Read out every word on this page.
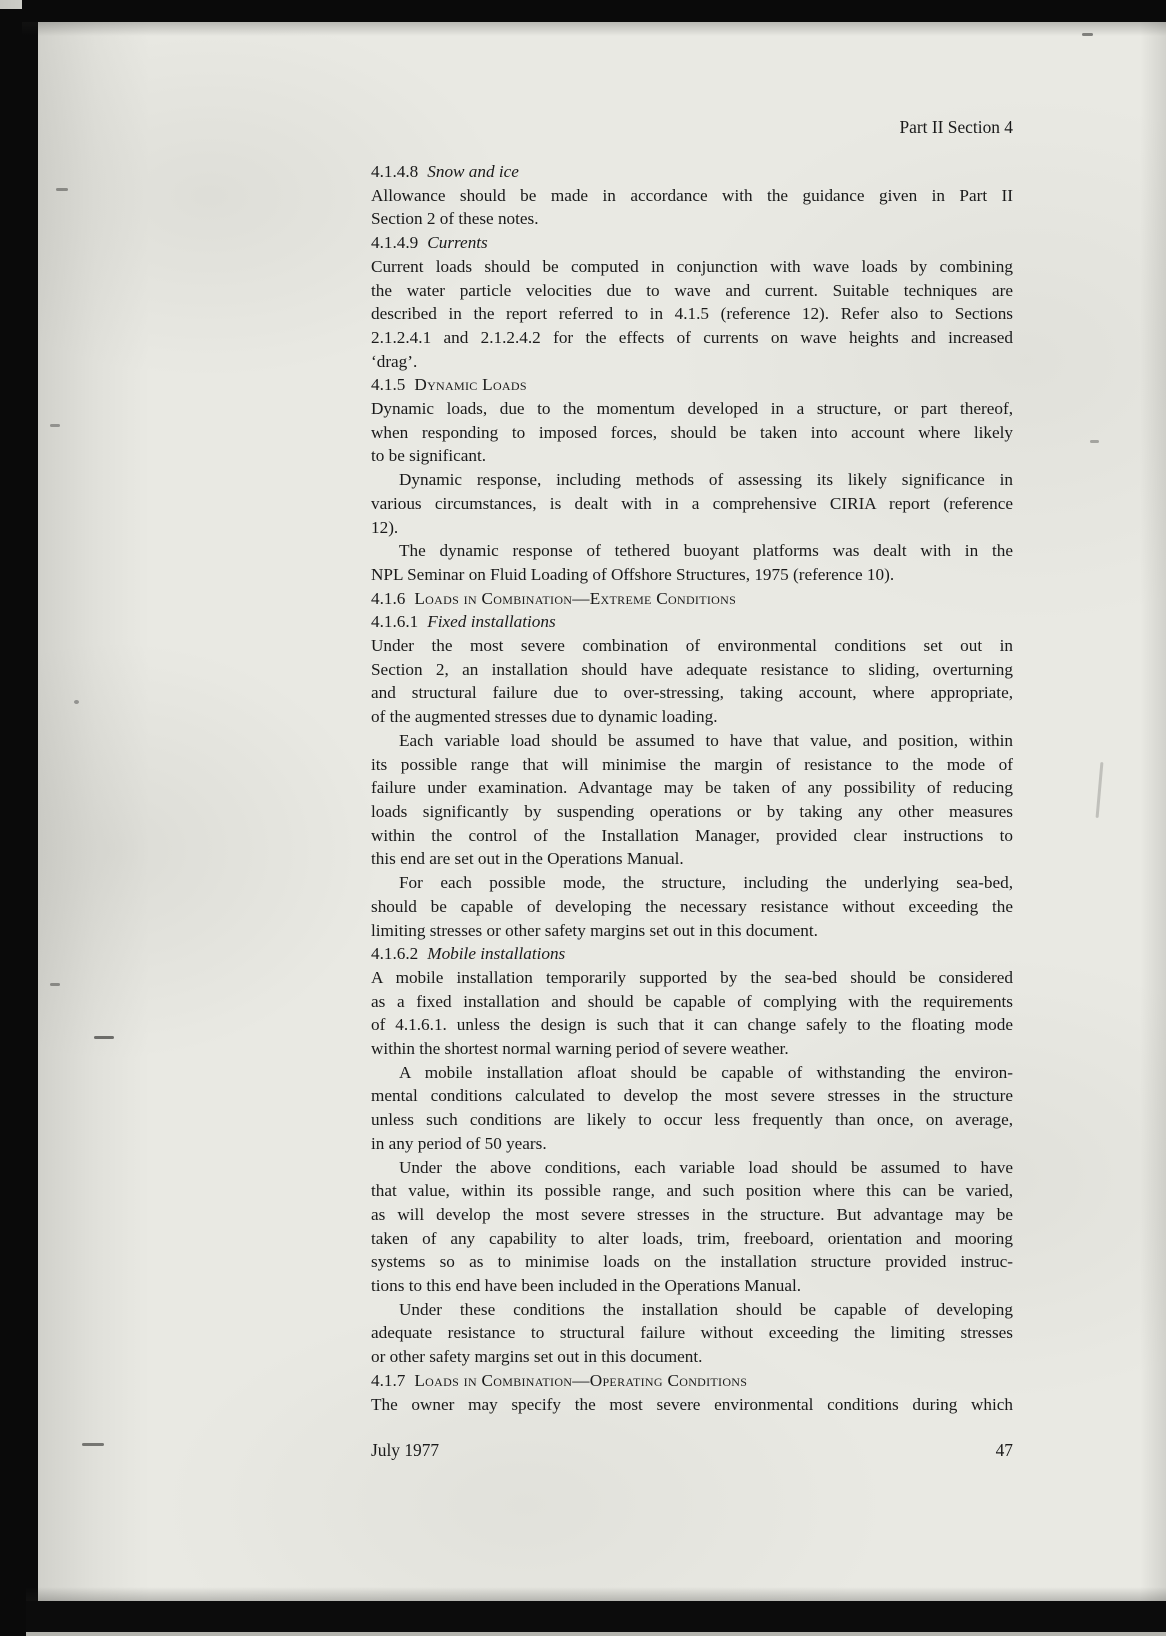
Part II Section 4
4.1.4.8 Snow and ice
Allowance should be made in accordance with the guidance given in Part II
Section 2 of these notes.
4.1.4.9 Currents
Current loads should be computed in conjunction with wave loads by combining
the water particle velocities due to wave and current. Suitable techniques are
described in the report referred to in 4.1.5 (reference 12). Refer also to Sections
2.1.2.4.1 and 2.1.2.4.2 for the effects of currents on wave heights and increased
‘drag’.
4.1.5 Dynamic Loads
Dynamic loads, due to the momentum developed in a structure, or part thereof,
when responding to imposed forces, should be taken into account where likely
to be significant.
Dynamic response, including methods of assessing its likely significance in
various circumstances, is dealt with in a comprehensive CIRIA report (reference
12).
The dynamic response of tethered buoyant platforms was dealt with in the
NPL Seminar on Fluid Loading of Offshore Structures, 1975 (reference 10).
4.1.6 Loads in Combination—Extreme Conditions
4.1.6.1 Fixed installations
Under the most severe combination of environmental conditions set out in
Section 2, an installation should have adequate resistance to sliding, overturning
and structural failure due to over-stressing, taking account, where appropriate,
of the augmented stresses due to dynamic loading.
Each variable load should be assumed to have that value, and position, within
its possible range that will minimise the margin of resistance to the mode of
failure under examination. Advantage may be taken of any possibility of reducing
loads significantly by suspending operations or by taking any other measures
within the control of the Installation Manager, provided clear instructions to
this end are set out in the Operations Manual.
For each possible mode, the structure, including the underlying sea-bed,
should be capable of developing the necessary resistance without exceeding the
limiting stresses or other safety margins set out in this document.
4.1.6.2 Mobile installations
A mobile installation temporarily supported by the sea-bed should be considered
as a fixed installation and should be capable of complying with the requirements
of 4.1.6.1. unless the design is such that it can change safely to the floating mode
within the shortest normal warning period of severe weather.
A mobile installation afloat should be capable of withstanding the environ-
mental conditions calculated to develop the most severe stresses in the structure
unless such conditions are likely to occur less frequently than once, on average,
in any period of 50 years.
Under the above conditions, each variable load should be assumed to have
that value, within its possible range, and such position where this can be varied,
as will develop the most severe stresses in the structure. But advantage may be
taken of any capability to alter loads, trim, freeboard, orientation and mooring
systems so as to minimise loads on the installation structure provided instruc-
tions to this end have been included in the Operations Manual.
Under these conditions the installation should be capable of developing
adequate resistance to structural failure without exceeding the limiting stresses
or other safety margins set out in this document.
4.1.7 Loads in Combination—Operating Conditions
The owner may specify the most severe environmental conditions during which
July 1977	47
